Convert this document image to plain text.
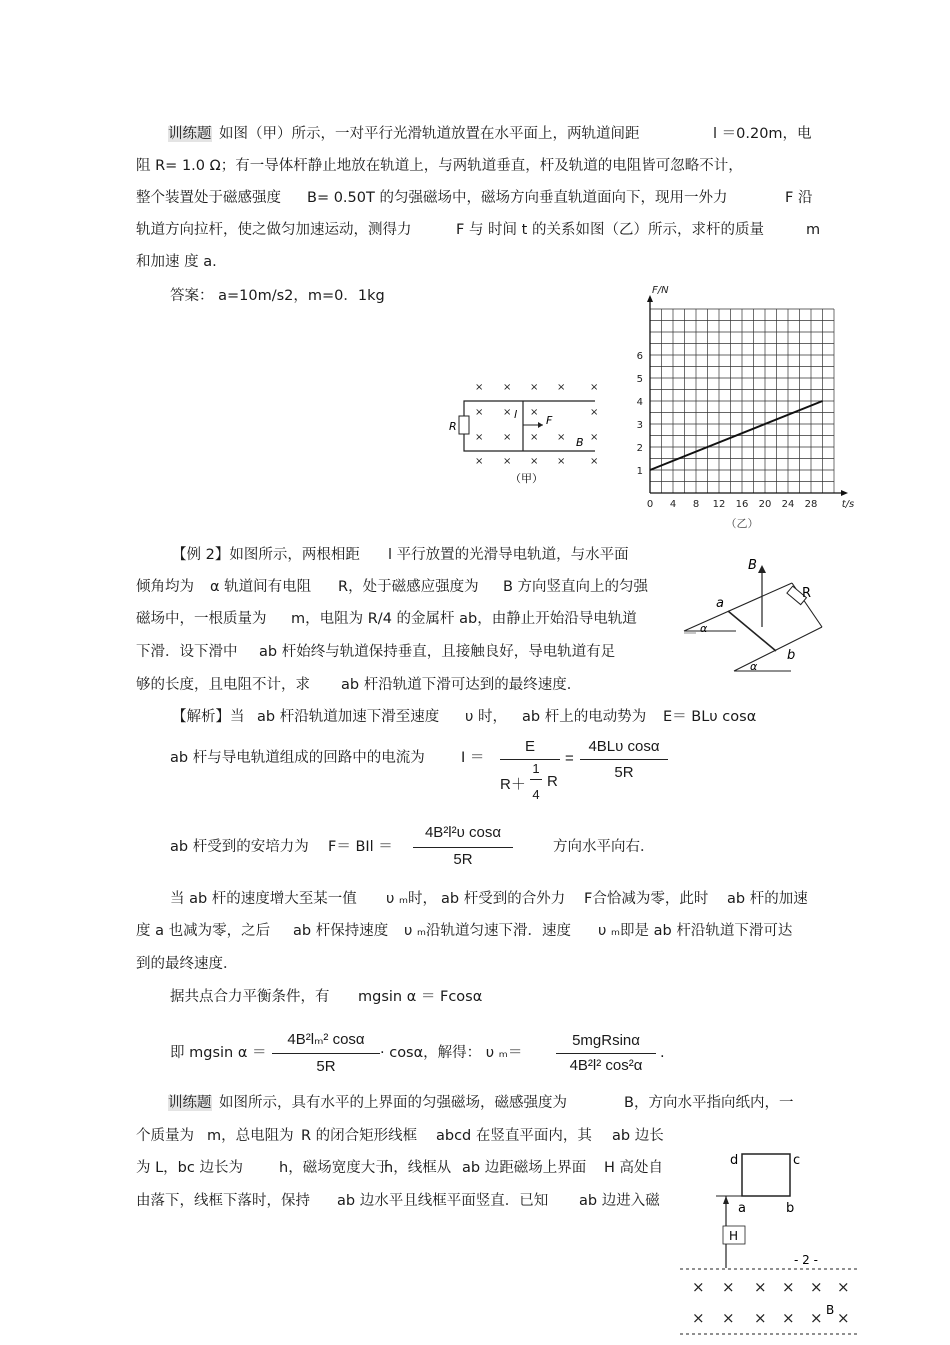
训练题 如图（甲）所示，一对平行光滑轨道放置在水平面上，两轨道间距	l ＝0.20m，电
阻 R= 1.0 Ω；有一导体杆静止地放在轨道上，与两轨道垂直，杆及轨道的电阻皆可忽略不计，
整个装置处于磁感强度 B= 0.50T 的匀强磁场中，磁场方向垂直轨道面向下，现用一外力	F 沿
轨道方向拉杆，使之做匀加速运动，测得力	F 与 时间 t 的关系如图（乙）所示，求杆的质量	m
和加速 度 a.
答案： a=10m/s2，m=0．1kg
× × × × ×
× × ×	×
× × × × ×
× × × × ×
R
l	F
B
（甲）
0 4 8 12 16 20 24 28
1
2
3
4
5
6
t/s
F/N
（乙）
【例 2】如图所示，两根相距 l 平行放置的光滑导电轨道，与水平面
倾角均为 α 轨道间有电阻 R，处于磁感应强度为 B 方向竖直向上的匀强
磁场中，一根质量为 m，电阻为 R/4 的金属杆 ab，由静止开始沿导电轨道
下滑．设下滑中 ab 杆始终与轨道保持垂直，且接触良好，导电轨道有足
够的长度，且电阻不计，求 ab 杆沿轨道下滑可达到的最终速度．
B
R
a
b
α
α
【解析】当 ab 杆沿轨道加速下滑至速度 υ 时， ab 杆上的电动势为 E＝ BLυ cosα
ab 杆与导电轨道组成的回路中的电流为	I ＝
E
R＋
1
4
R
=
4BLυ cosα
5R
ab 杆受到的安培力为 F＝ BIl ＝
4B²l²υ cosα
5R
方向水平向右．
当 ab 杆的速度增大至某一值 υ ₘ时， ab 杆受到的合外力 F合恰减为零，此时 ab 杆的加速
度 a 也减为零，之后 ab 杆保持速度 υ ₘ沿轨道匀速下滑．速度 υ ₘ即是 ab 杆沿轨道下滑可达
到的最终速度．
据共点合力平衡条件，有 mgsin α ＝ Fcosα
即 mgsin α ＝
4B²lₘ² cosα
5R
· cosα，解得： υ ₘ＝
5mgRsinα
4B²l² cos²α
.
训练题 如图所示，具有水平的上界面的匀强磁场，磁感强度为	B，方向水平指向纸内，一
个质量为 m，总电阻为 R 的闭合矩形线框 abcd 在竖直平面内，其 ab 边长
为 L，bc 边长为 h，磁场宽度大于
h，线框从 ab 边距磁场上界面 H 高处自
由落下，线框下落时，保持 ab 边水平且线框平面竖直．已知 ab 边进入磁
d	c
a	b
H
- 2 -
× × × × × ×
× × × × × ×
B
